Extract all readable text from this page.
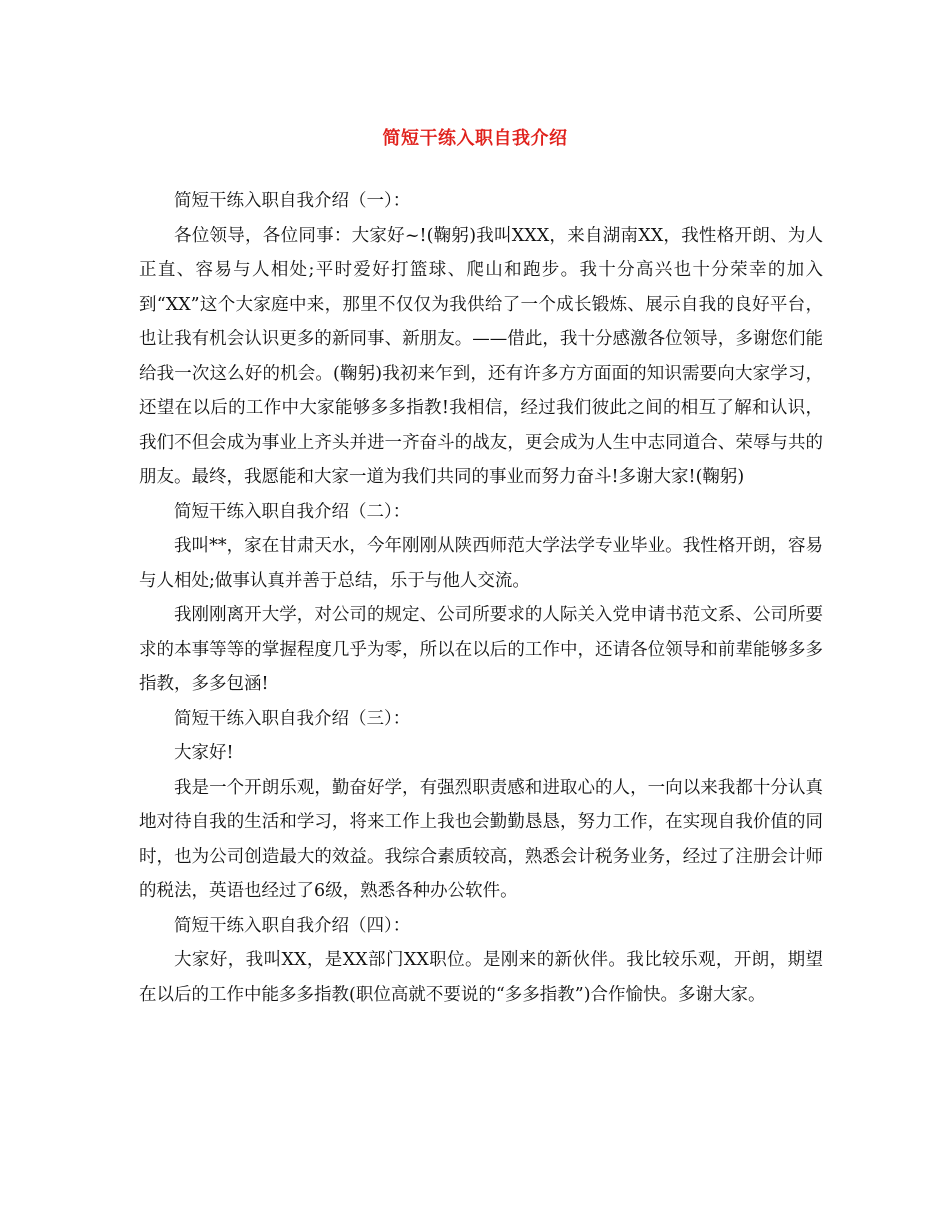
简短干练入职自我介绍

简短干练入职自我介绍（一）：

各位领导，各位同事：大家好~!(鞠躬)我叫XXX，来自湖南XX，我性格开朗、为人正直、容易与人相处;平时爱好打篮球、爬山和跑步。我十分高兴也十分荣幸的加入到“XX”这个大家庭中来，那里不仅仅为我供给了一个成长锻炼、展示自我的良好平台，也让我有机会认识更多的新同事、新朋友。——借此，我十分感激各位领导，多谢您们能给我一次这么好的机会。(鞠躬)我初来乍到，还有许多方方面面的知识需要向大家学习，还望在以后的工作中大家能够多多指教!我相信，经过我们彼此之间的相互了解和认识，我们不但会成为事业上齐头并进一齐奋斗的战友，更会成为人生中志同道合、荣辱与共的朋友。最终，我愿能和大家一道为我们共同的事业而努力奋斗!多谢大家!(鞠躬)

简短干练入职自我介绍（二）：

我叫**，家在甘肃天水，今年刚刚从陕西师范大学法学专业毕业。我性格开朗，容易与人相处;做事认真并善于总结，乐于与他人交流。

我刚刚离开大学，对公司的规定、公司所要求的人际关入党申请书范文系、公司所要求的本事等等的掌握程度几乎为零，所以在以后的工作中，还请各位领导和前辈能够多多指教，多多包涵!

简短干练入职自我介绍（三）：

大家好!

我是一个开朗乐观，勤奋好学，有强烈职责感和进取心的人，一向以来我都十分认真地对待自我的生活和学习，将来工作上我也会勤勤恳恳，努力工作，在实现自我价值的同时，也为公司创造最大的效益。我综合素质较高，熟悉会计税务业务，经过了注册会计师的税法，英语也经过了6级，熟悉各种办公软件。

简短干练入职自我介绍（四）：

大家好，我叫XX，是XX部门XX职位。是刚来的新伙伴。我比较乐观，开朗，期望在以后的工作中能多多指教(职位高就不要说的“多多指教”)合作愉快。多谢大家。
